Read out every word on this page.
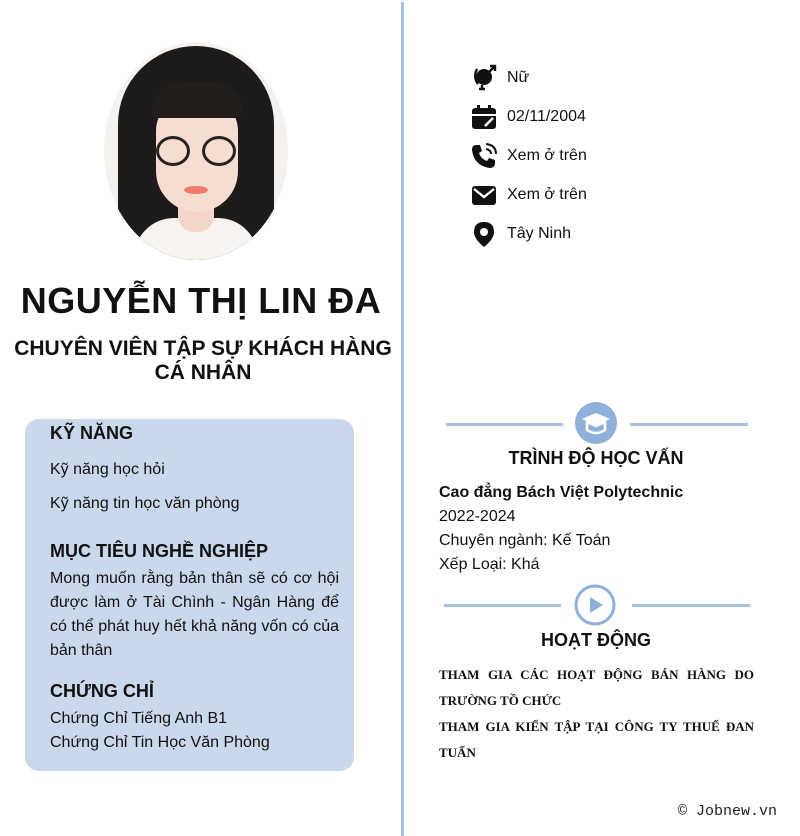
NGUYỄN THỊ LIN ĐA
CHUYÊN VIÊN TẬP SỰ KHÁCH HÀNG CÁ NHÂN
KỸ NĂNG
Kỹ năng học hỏi
Kỹ năng tin học văn phòng
MỤC TIÊU NGHỀ NGHIỆP
Mong muốn rằng bản thân sẽ có cơ hội được làm ở Tài Chình - Ngân Hàng để có thể phát huy hết khả năng vốn có của bản thân
CHỨNG CHỈ
Chứng Chỉ Tiếng Anh B1
Chứng Chỉ Tin Học Văn Phòng
Nữ
02/11/2004
Xem ở trên
Xem ở trên
Tây Ninh
TRÌNH ĐỘ HỌC VẤN
Cao đẳng Bách Việt Polytechnic
2022-2024
Chuyên ngành: Kế Toán
Xếp Loại: Khá
HOẠT ĐỘNG
THAM GIA CÁC HOẠT ĐỘNG BÁN HÀNG DO TRƯỜNG TỒ CHỨC
THAM GIA KIẾN TẬP TẠI CÔNG TY THUẾ ĐAN TUẤN
© Jobnew.vn
